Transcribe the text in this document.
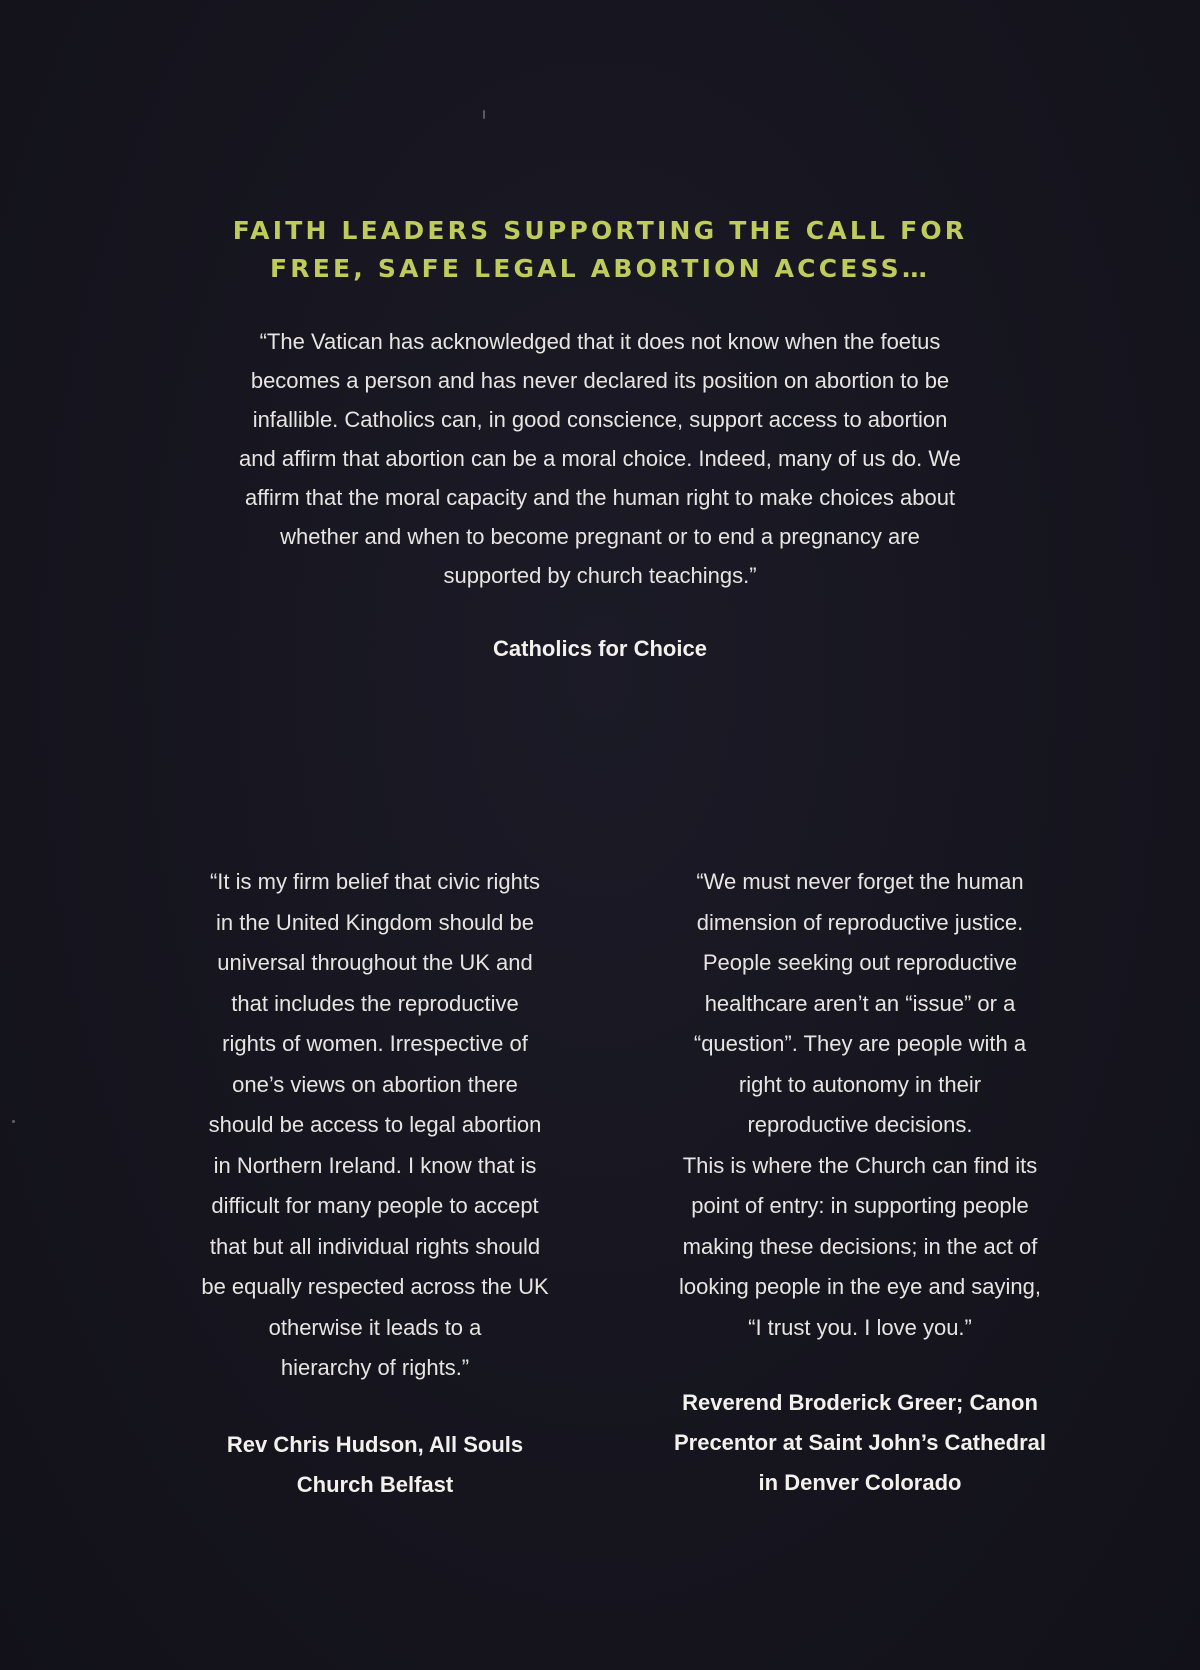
FAITH LEADERS SUPPORTING THE CALL FOR
FREE, SAFE LEGAL ABORTION ACCESS…
“The Vatican has acknowledged that it does not know when the foetus
becomes a person and has never declared its position on abortion to be
infallible. Catholics can, in good conscience, support access to abortion
and affirm that abortion can be a moral choice. Indeed, many of us do. We
affirm that the moral capacity and the human right to make choices about
whether and when to become pregnant or to end a pregnancy are
supported by church teachings.”
Catholics for Choice
“It is my firm belief that civic rights
in the United Kingdom should be
universal throughout the UK and
that includes the reproductive
rights of women. Irrespective of
one’s views on abortion there
should be access to legal abortion
in Northern Ireland. I know that is
difficult for many people to accept
that but all individual rights should
be equally respected across the UK
otherwise it leads to a
hierarchy of rights.”
Rev Chris Hudson, All Souls
Church Belfast
“We must never forget the human
dimension of reproductive justice.
People seeking out reproductive
healthcare aren’t an “issue” or a
“question”. They are people with a
right to autonomy in their
reproductive decisions.
This is where the Church can find its
point of entry: in supporting people
making these decisions; in the act of
looking people in the eye and saying,
“I trust you. I love you.”
Reverend Broderick Greer; Canon
Precentor at Saint John’s Cathedral
in Denver Colorado
